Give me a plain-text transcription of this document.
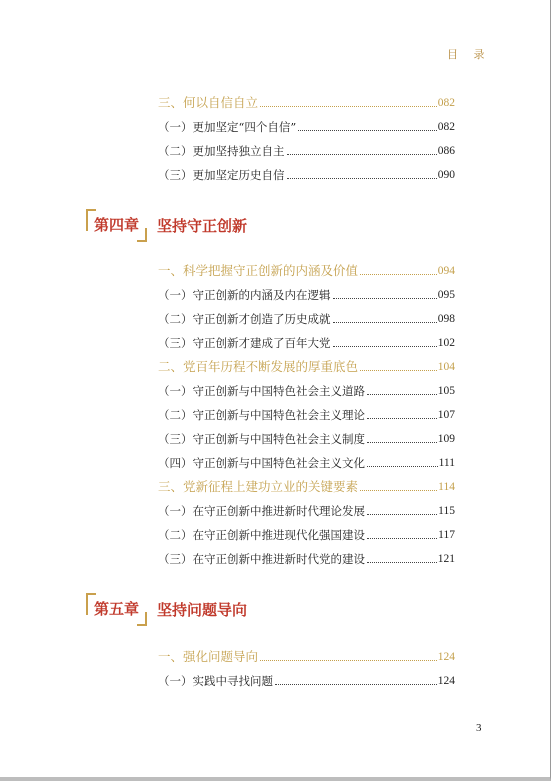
目 录
三、何以自信自立	082
（一）更加坚定“四个自信”	082
（二）更加坚持独立自主	086
（三）更加坚定历史自信	090
第四章	坚持守正创新
一、科学把握守正创新的内涵及价值	094
（一）守正创新的内涵及内在逻辑	095
（二）守正创新才创造了历史成就	098
（三）守正创新才建成了百年大党	102
二、党百年历程不断发展的厚重底色	104
（一）守正创新与中国特色社会主义道路	105
（二）守正创新与中国特色社会主义理论	107
（三）守正创新与中国特色社会主义制度	109
（四）守正创新与中国特色社会主义文化	111
三、党新征程上建功立业的关键要素	114
（一）在守正创新中推进新时代理论发展	115
（二）在守正创新中推进现代化强国建设	117
（三）在守正创新中推进新时代党的建设	121
第五章	坚持问题导向
一、强化问题导向	124
（一）实践中寻找问题	124
3
